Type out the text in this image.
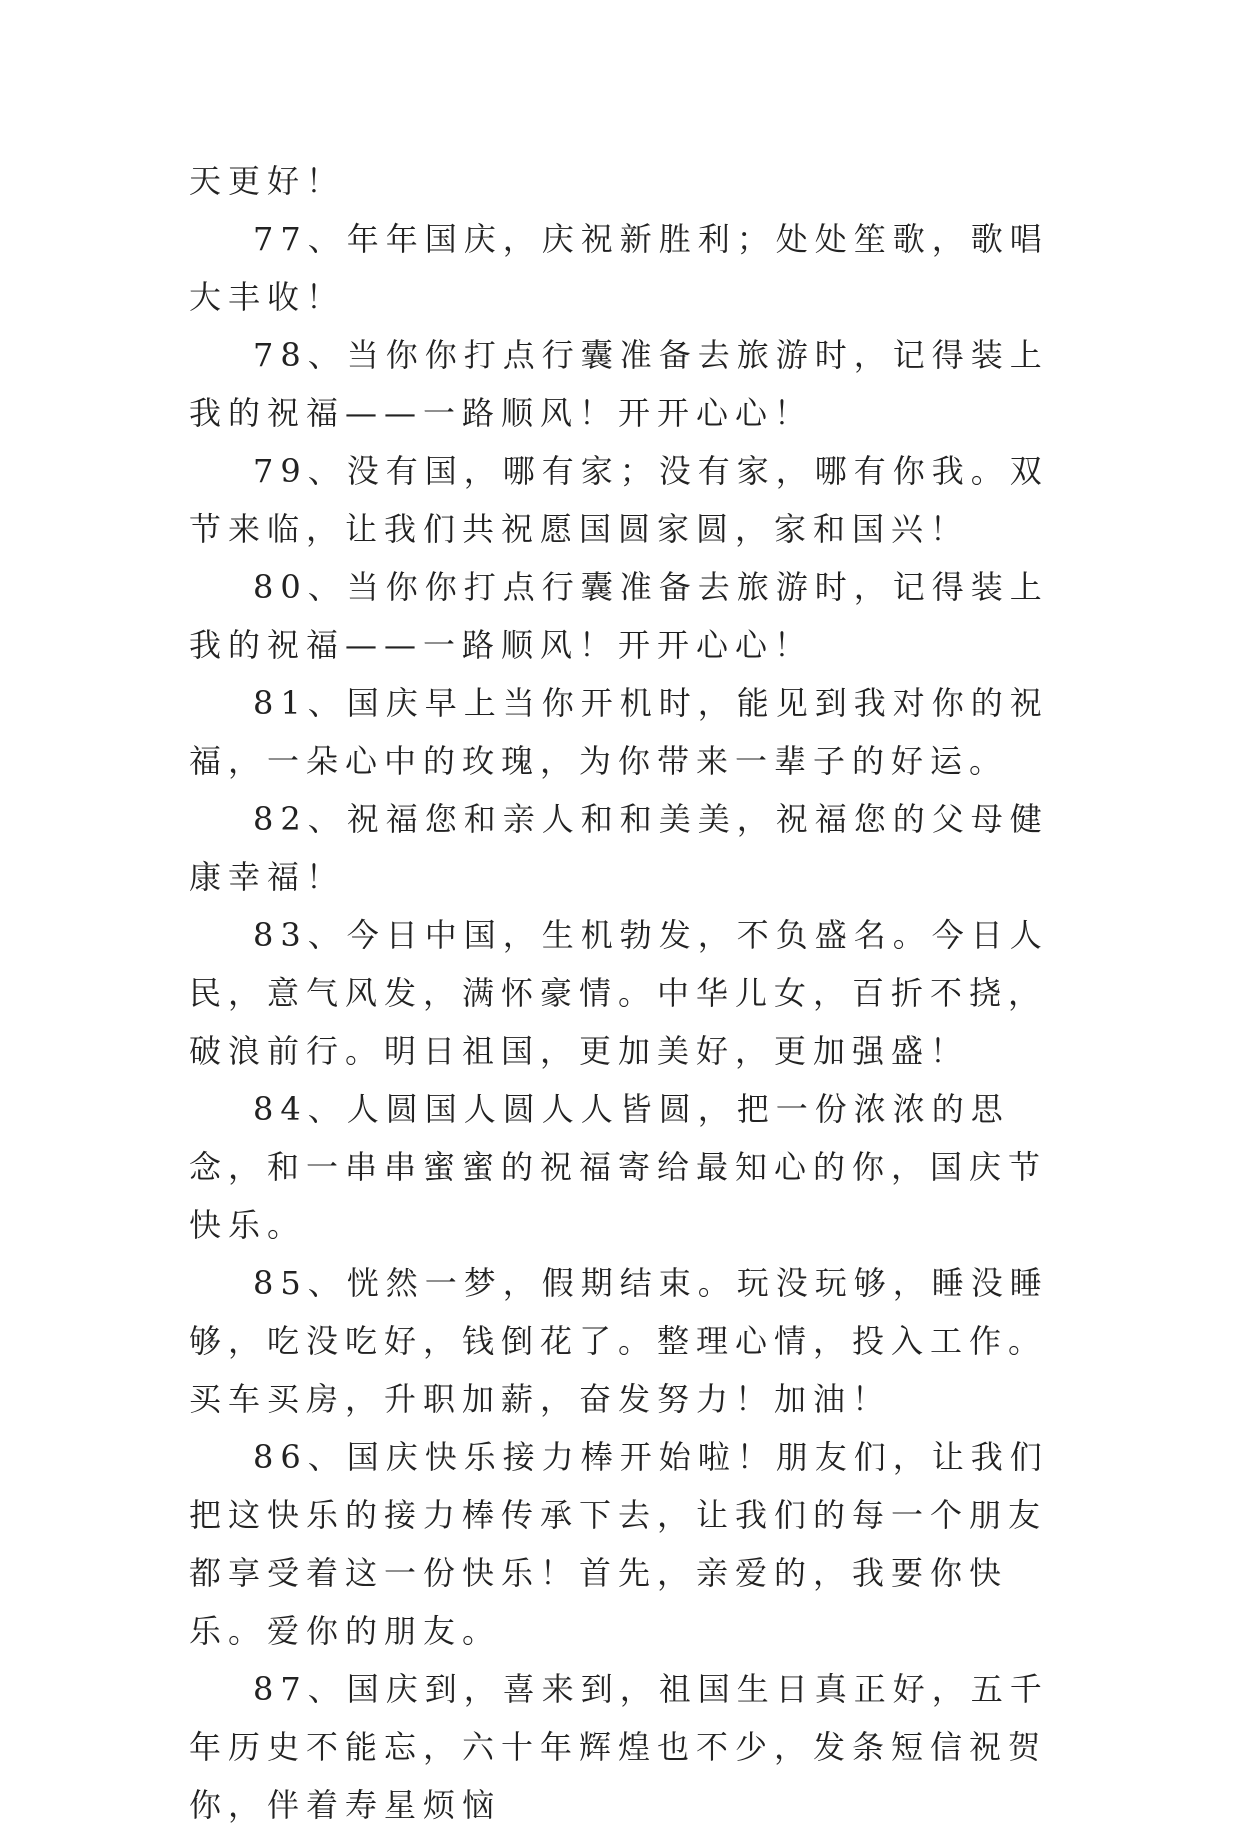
天更好！

77、年年国庆，庆祝新胜利；处处笙歌，歌唱大丰收！

78、当你你打点行囊准备去旅游时，记得装上我的祝福——一路顺风！开开心心！

79、没有国，哪有家；没有家，哪有你我。双节来临，让我们共祝愿国圆家圆，家和国兴！

80、当你你打点行囊准备去旅游时，记得装上我的祝福——一路顺风！开开心心！

81、国庆早上当你开机时，能见到我对你的祝福，一朵心中的玫瑰，为你带来一辈子的好运。

82、祝福您和亲人和和美美，祝福您的父母健康幸福！

83、今日中国，生机勃发，不负盛名。今日人民，意气风发，满怀豪情。中华儿女，百折不挠，破浪前行。明日祖国，更加美好，更加强盛！

84、人圆国人圆人人皆圆，把一份浓浓的思念，和一串串蜜蜜的祝福寄给最知心的你，国庆节快乐。

85、恍然一梦，假期结束。玩没玩够，睡没睡够，吃没吃好，钱倒花了。整理心情，投入工作。买车买房，升职加薪，奋发努力！加油！

86、国庆快乐接力棒开始啦！朋友们，让我们把这快乐的接力棒传承下去，让我们的每一个朋友都享受着这一份快乐！首先，亲爱的，我要你快乐。爱你的朋友。

87、国庆到，喜来到，祖国生日真正好，五千年历史不能忘，六十年辉煌也不少，发条短信祝贺你，伴着寿星烦恼
